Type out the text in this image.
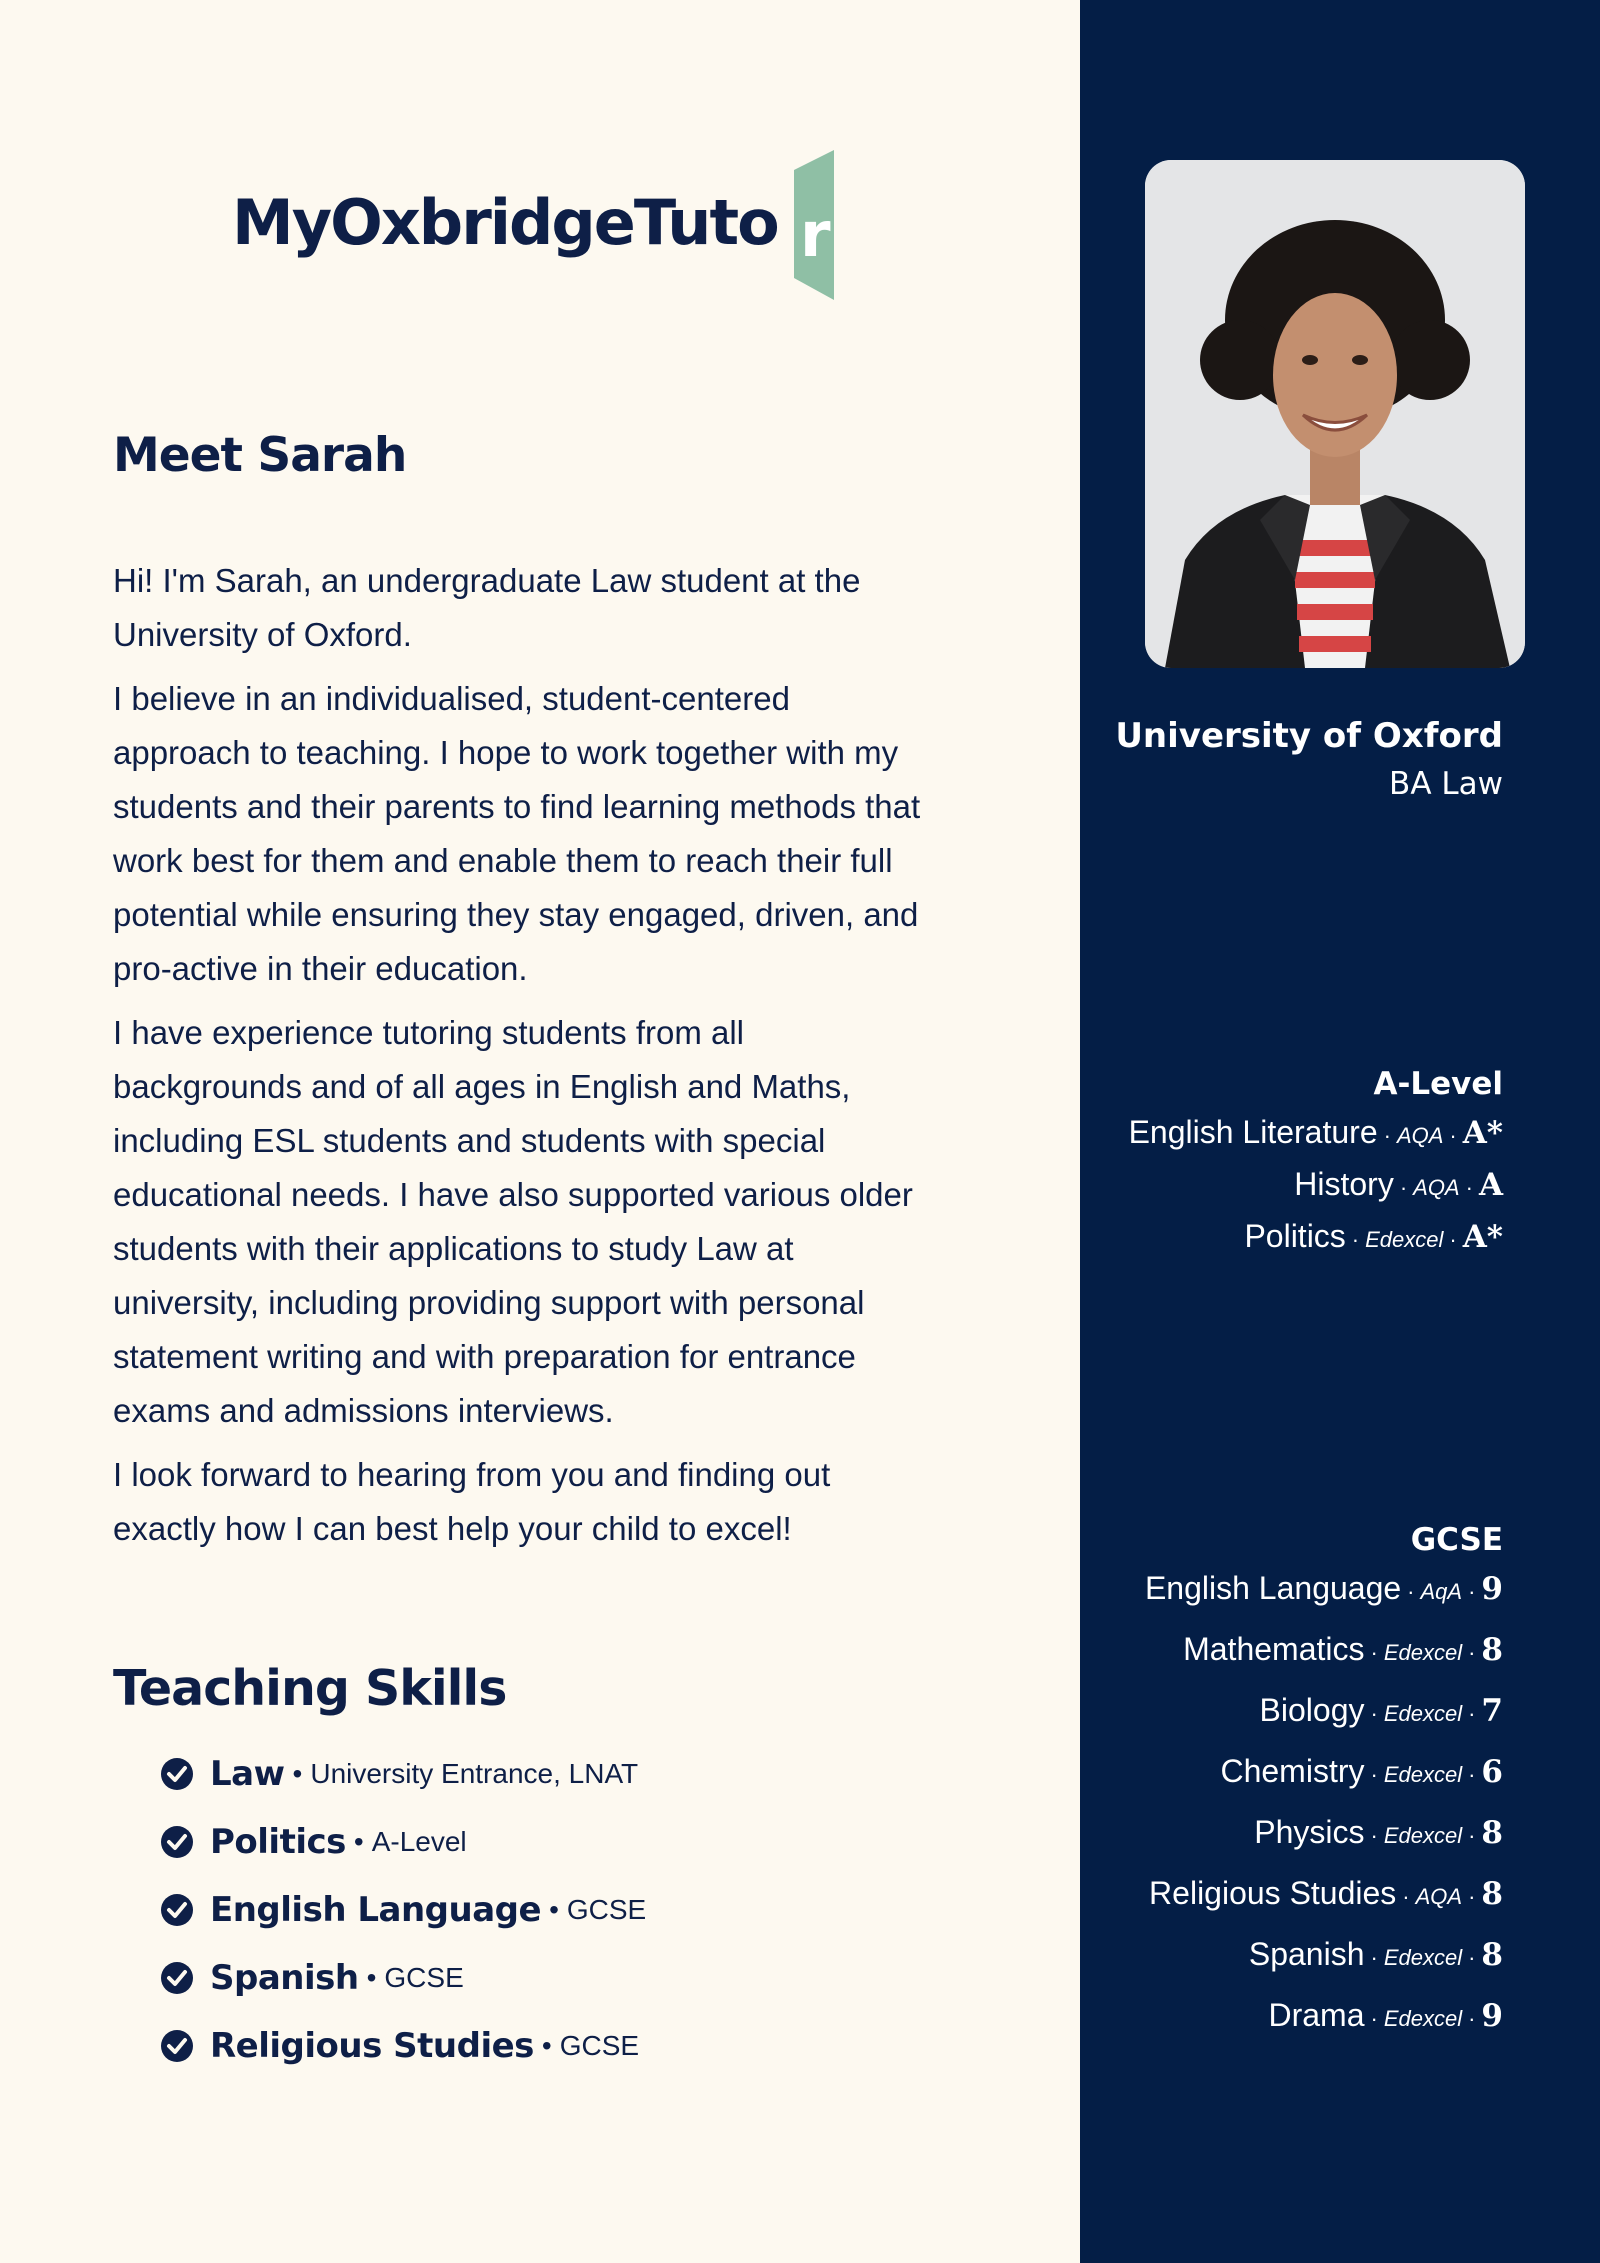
MyOxbridgeTuto r
Meet Sarah

Hi! I'm Sarah, an undergraduate Law student at the University of Oxford.

I believe in an individualised, student-centered approach to teaching. I hope to work together with my students and their parents to find learning methods that work best for them and enable them to reach their full potential while ensuring they stay engaged, driven, and pro-active in their education.

I have experience tutoring students from all backgrounds and of all ages in English and Maths, including ESL students and students with special educational needs. I have also supported various older students with their applications to study Law at university, including providing support with personal statement writing and with preparation for entrance exams and admissions interviews.

I look forward to hearing from you and finding out exactly how I can best help your child to excel!

Teaching Skills
Law • University Entrance, LNAT
Politics • A-Level
English Language • GCSE
Spanish • GCSE
Religious Studies • GCSE
University of Oxford
BA Law
A-Level
English Literature · AQA · A*
History · AQA · A
Politics · Edexcel · A*
GCSE
English Language · AqA · 9
Mathematics · Edexcel · 8
Biology · Edexcel · 7
Chemistry · Edexcel · 6
Physics · Edexcel · 8
Religious Studies · AQA · 8
Spanish · Edexcel · 8
Drama · Edexcel · 9
